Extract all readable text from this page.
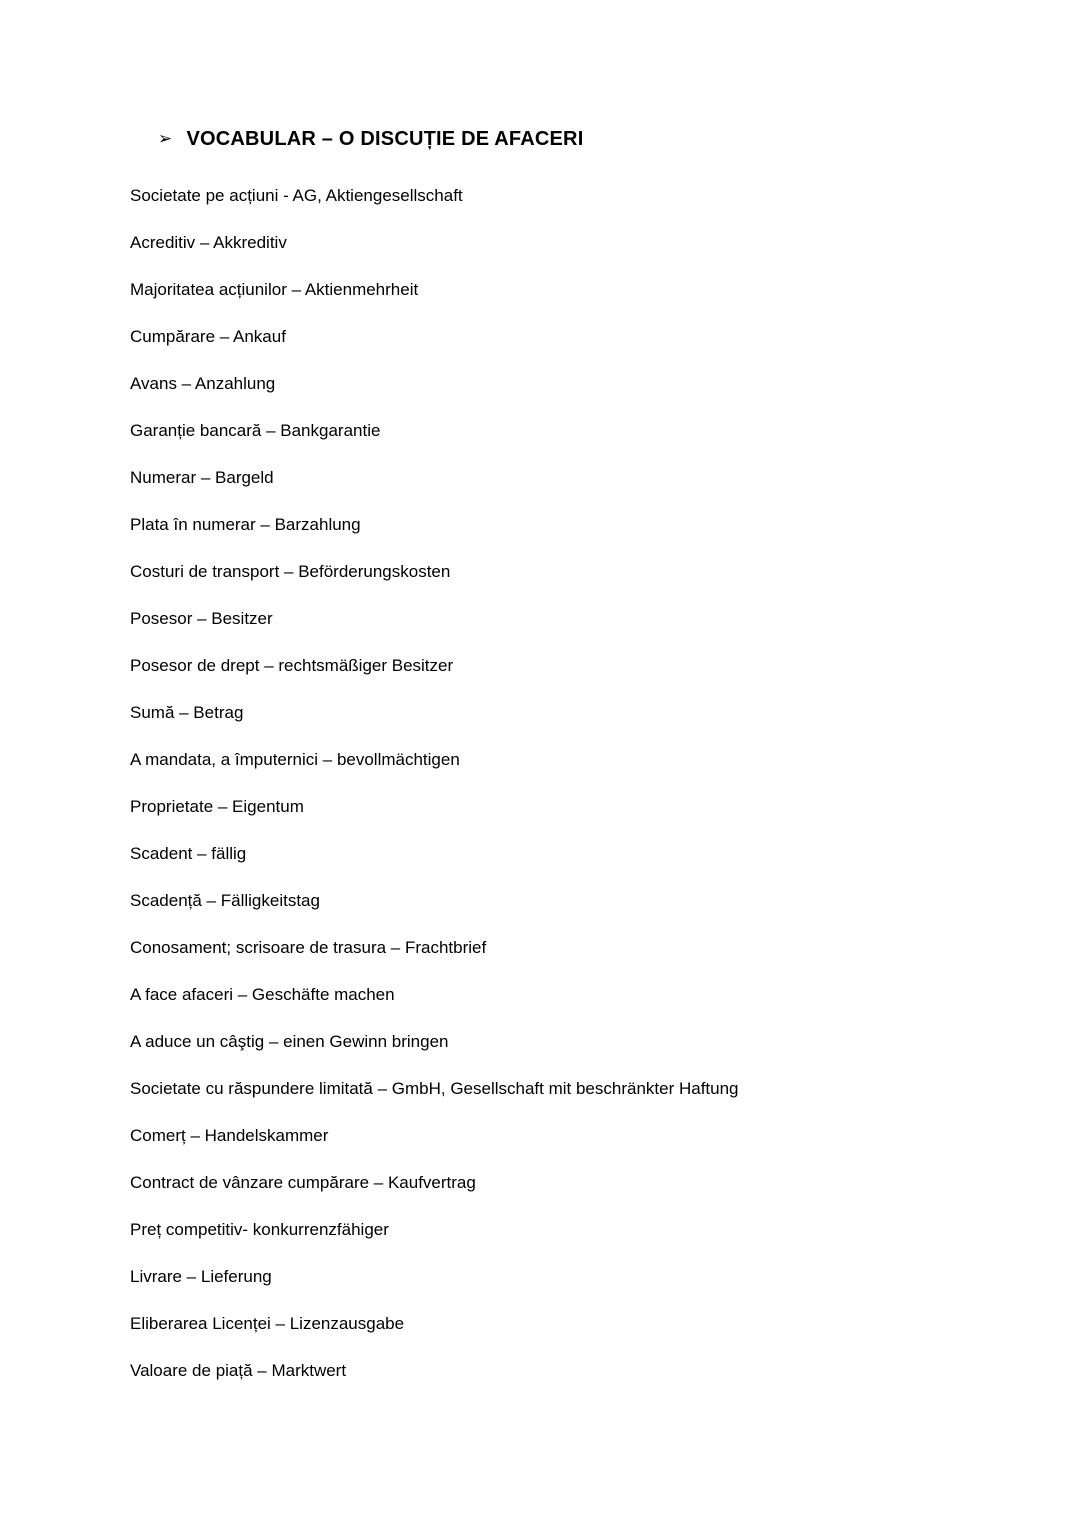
➢ VOCABULAR – O DISCUȚIE DE AFACERI

Societate pe acțiuni - AG, Aktiengesellschaft

Acreditiv – Akkreditiv

Majoritatea acțiunilor – Aktienmehrheit

Cumpărare – Ankauf

Avans – Anzahlung

Garanție bancară – Bankgarantie

Numerar – Bargeld

Plata în numerar – Barzahlung

Costuri de transport – Beförderungskosten

Posesor – Besitzer

Posesor de drept – rechtsmäßiger Besitzer

Sumă – Betrag

A mandata, a împuternici – bevollmächtigen

Proprietate – Eigentum

Scadent – fällig

Scadență – Fälligkeitstag

Conosament; scrisoare de trasura – Frachtbrief

A face afaceri – Geschäfte machen

A aduce un câştig – einen Gewinn bringen

Societate cu răspundere limitată – GmbH, Gesellschaft mit beschränkter Haftung

Comerț – Handelskammer

Contract de vânzare cumpărare – Kaufvertrag

Preț competitiv- konkurrenzfähiger

Livrare – Lieferung

Eliberarea Licenței – Lizenzausgabe

Valoare de piață – Marktwert
